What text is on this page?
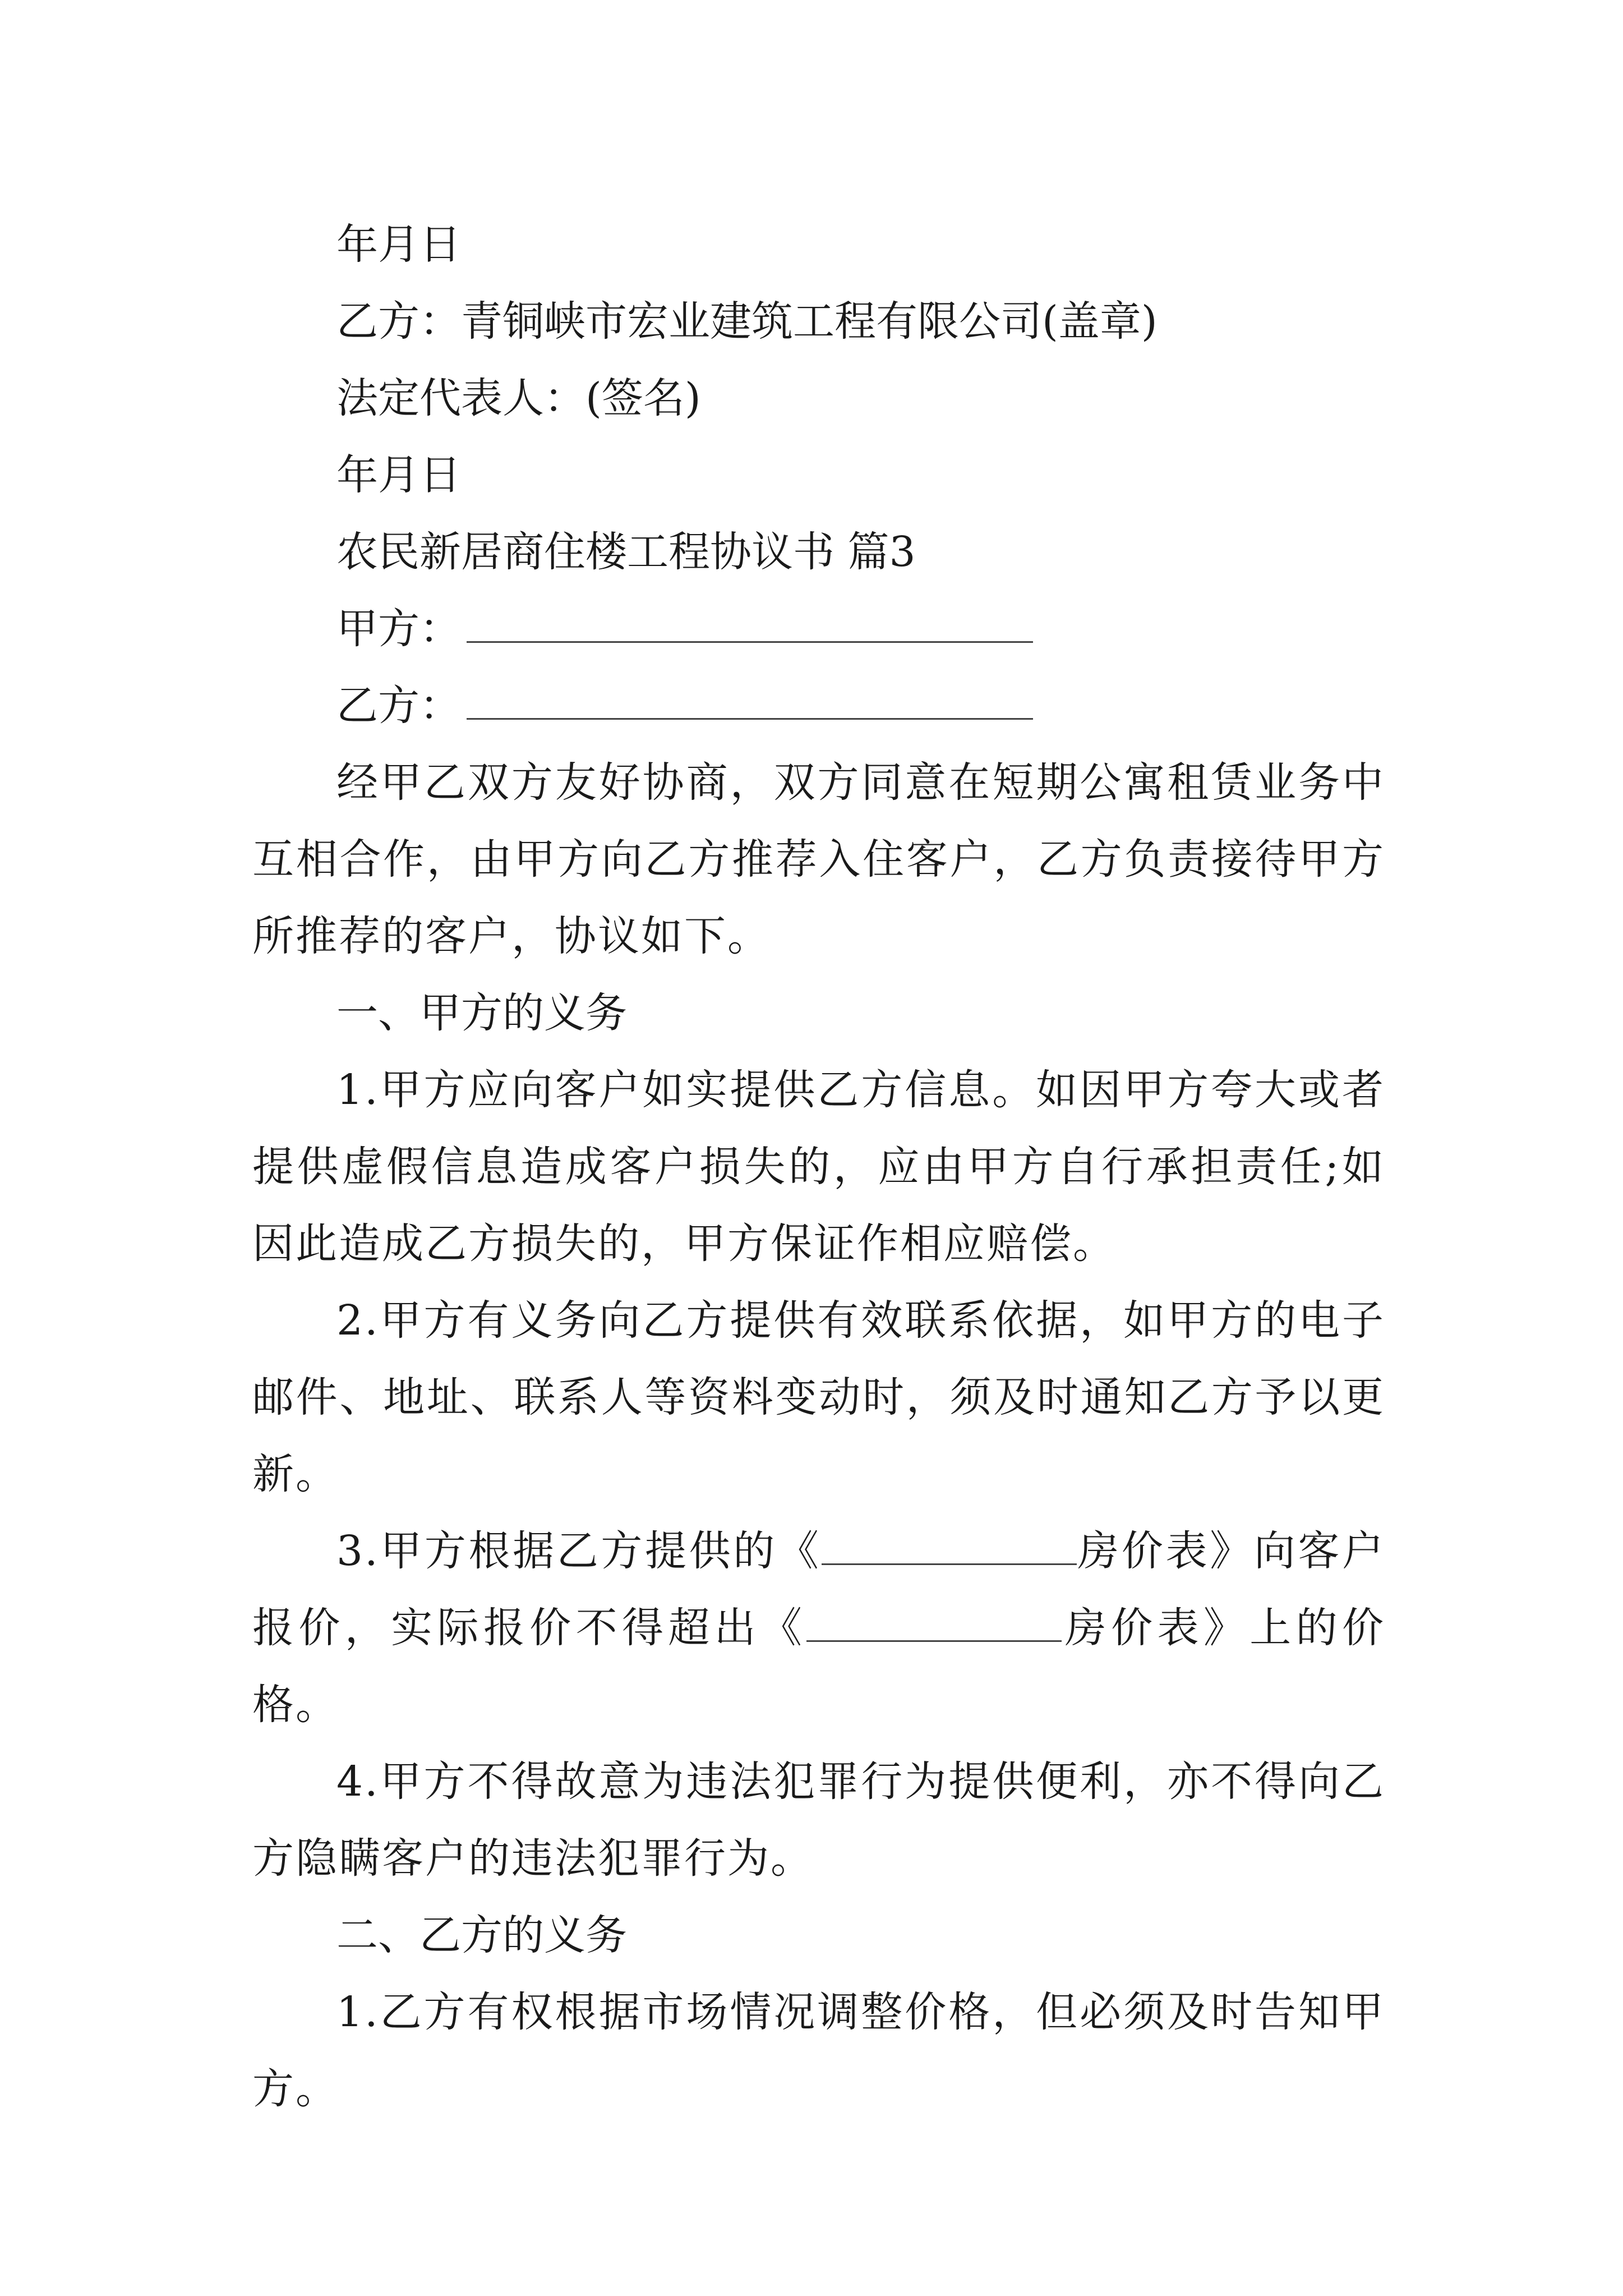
年月日

乙方：青铜峡市宏业建筑工程有限公司(盖章)

法定代表人：(签名)

年月日

农民新居商住楼工程协议书 篇3

甲方：

乙方：

经甲乙双方友好协商，双方同意在短期公寓租赁业务中互相合作，由甲方向乙方推荐入住客户，乙方负责接待甲方所推荐的客户，协议如下。

一、甲方的义务

1.甲方应向客户如实提供乙方信息。如因甲方夸大或者提供虚假信息造成客户损失的，应由甲方自行承担责任;如因此造成乙方损失的，甲方保证作相应赔偿。

2.甲方有义务向乙方提供有效联系依据，如甲方的电子邮件、地址、联系人等资料变动时，须及时通知乙方予以更新。

3.甲方根据乙方提供的《	房价表》向客户报价，实际报价不得超出《	房价表》上的价格。

4.甲方不得故意为违法犯罪行为提供便利，亦不得向乙方隐瞒客户的违法犯罪行为。

二、乙方的义务

1.乙方有权根据市场情况调整价格，但必须及时告知甲方。
